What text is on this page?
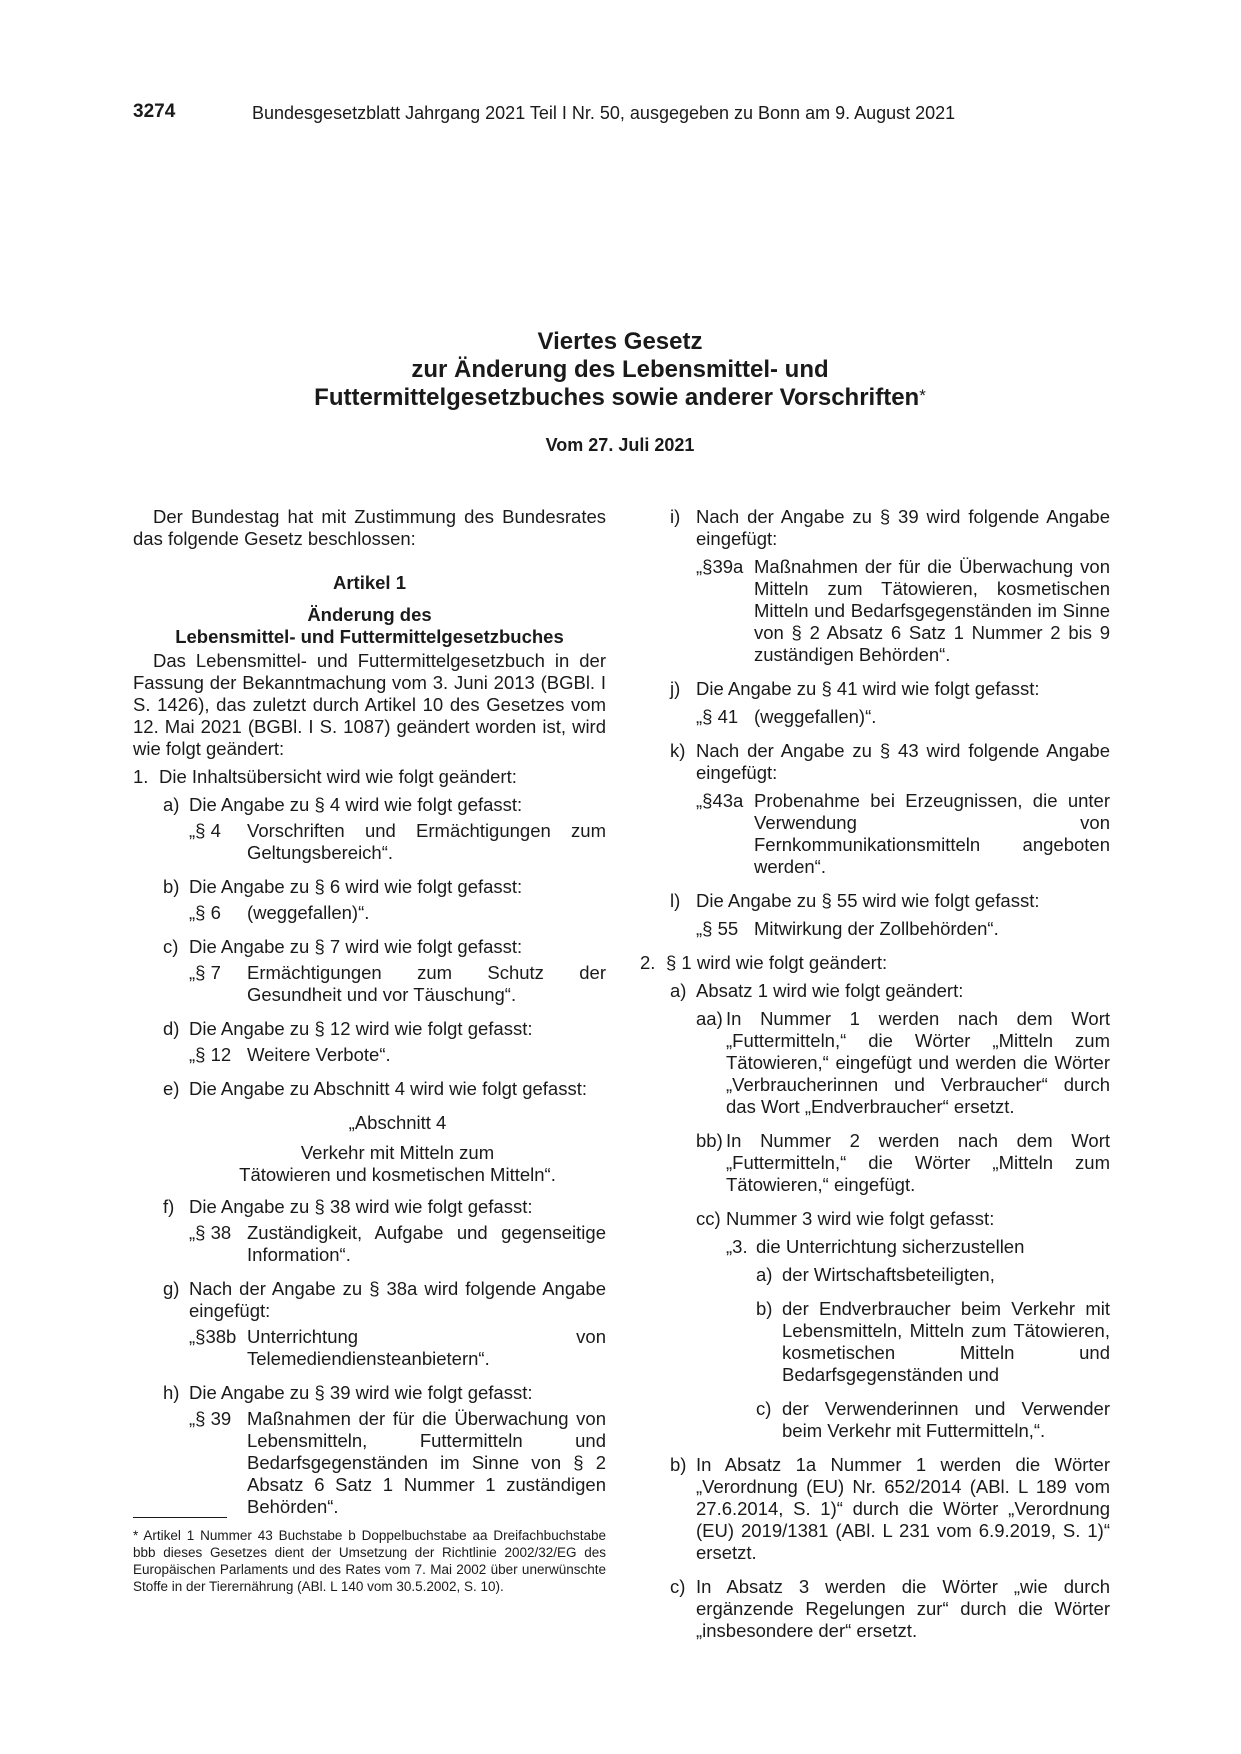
3274	Bundesgesetzblatt Jahrgang 2021 Teil I Nr. 50, ausgegeben zu Bonn am 9. August 2021
Viertes Gesetz
zur Änderung des Lebensmittel- und
Futtermittelgesetzbuches sowie anderer Vorschriften*
Vom 27. Juli 2021

Der Bundestag hat mit Zustimmung des Bundesrates das folgende Gesetz beschlossen:

Artikel 1

Änderung des

Lebensmittel- und Futtermittelgesetzbuches

Das Lebensmittel- und Futtermittelgesetzbuch in der Fassung der Bekanntmachung vom 3. Juni 2013 (BGBl. I S. 1426), das zuletzt durch Artikel 10 des Gesetzes vom 12. Mai 2021 (BGBl. I S. 1087) geändert worden ist, wird wie folgt geändert:

1. Die Inhaltsübersicht wird wie folgt geändert:
a) Die Angabe zu § 4 wird wie folgt gefasst:
„§ 4	Vorschriften und Ermächtigungen zum Geltungsbereich“.
b) Die Angabe zu § 6 wird wie folgt gefasst:
„§ 6	(weggefallen)“.
c) Die Angabe zu § 7 wird wie folgt gefasst:
„§ 7	Ermächtigungen zum Schutz der Gesundheit und vor Täuschung“.
d) Die Angabe zu § 12 wird wie folgt gefasst:
„§ 12 Weitere Verbote“.
e) Die Angabe zu Abschnitt 4 wird wie folgt gefasst:

„Abschnitt 4

Verkehr mit Mitteln zum

Tätowieren und kosmetischen Mitteln“.

f) Die Angabe zu § 38 wird wie folgt gefasst:
„§ 38 Zuständigkeit, Aufgabe und gegenseitige Information“.
g) Nach der Angabe zu § 38a wird folgende Angabe eingefügt:
„§38b Unterrichtung von Telemediendiensteanbietern“.
h) Die Angabe zu § 39 wird wie folgt gefasst:
„§ 39 Maßnahmen der für die Überwachung von Lebensmitteln, Futtermitteln und Bedarfsgegenständen im Sinne von § 2 Absatz 6 Satz 1 Nummer 1 zuständigen Behörden“.
* Artikel 1 Nummer 43 Buchstabe b Doppelbuchstabe aa Dreifachbuchstabe bbb dieses Gesetzes dient der Umsetzung der Richtlinie 2002/32/EG des Europäischen Parlaments und des Rates vom 7. Mai 2002 über unerwünschte Stoffe in der Tierernährung (ABl. L 140 vom 30.5.2002, S. 10).
i) Nach der Angabe zu § 39 wird folgende Angabe eingefügt:
„§39a Maßnahmen der für die Überwachung von Mitteln zum Tätowieren, kosmetischen Mitteln und Bedarfsgegenständen im Sinne von § 2 Absatz 6 Satz 1 Nummer 2 bis 9 zuständigen Behörden“.
j) Die Angabe zu § 41 wird wie folgt gefasst:
„§ 41 (weggefallen)“.
k) Nach der Angabe zu § 43 wird folgende Angabe eingefügt:
„§43a Probenahme bei Erzeugnissen, die unter Verwendung von Fernkommunikationsmitteln angeboten werden“.
l) Die Angabe zu § 55 wird wie folgt gefasst:
„§ 55 Mitwirkung der Zollbehörden“.
2. § 1 wird wie folgt geändert:
a) Absatz 1 wird wie folgt geändert:
aa) In Nummer 1 werden nach dem Wort „Futtermitteln,“ die Wörter „Mitteln zum Tätowieren,“ eingefügt und werden die Wörter „Verbraucherinnen und Verbraucher“ durch das Wort „Endverbraucher“ ersetzt.
bb) In Nummer 2 werden nach dem Wort „Futtermitteln,“ die Wörter „Mitteln zum Tätowieren,“ eingefügt.
cc) Nummer 3 wird wie folgt gefasst:
„3. die Unterrichtung sicherzustellen
a) der Wirtschaftsbeteiligten,
b) der Endverbraucher beim Verkehr mit Lebensmitteln, Mitteln zum Tätowieren, kosmetischen Mitteln und Bedarfsgegenständen und
c) der Verwenderinnen und Verwender beim Verkehr mit Futtermitteln,“.
b) In Absatz 1a Nummer 1 werden die Wörter „Verordnung (EU) Nr. 652/2014 (ABl. L 189 vom 27.6.2014, S. 1)“ durch die Wörter „Verordnung (EU) 2019/1381 (ABl. L 231 vom 6.9.2019, S. 1)“ ersetzt.
c) In Absatz 3 werden die Wörter „wie durch ergänzende Regelungen zur“ durch die Wörter „insbesondere der“ ersetzt.
